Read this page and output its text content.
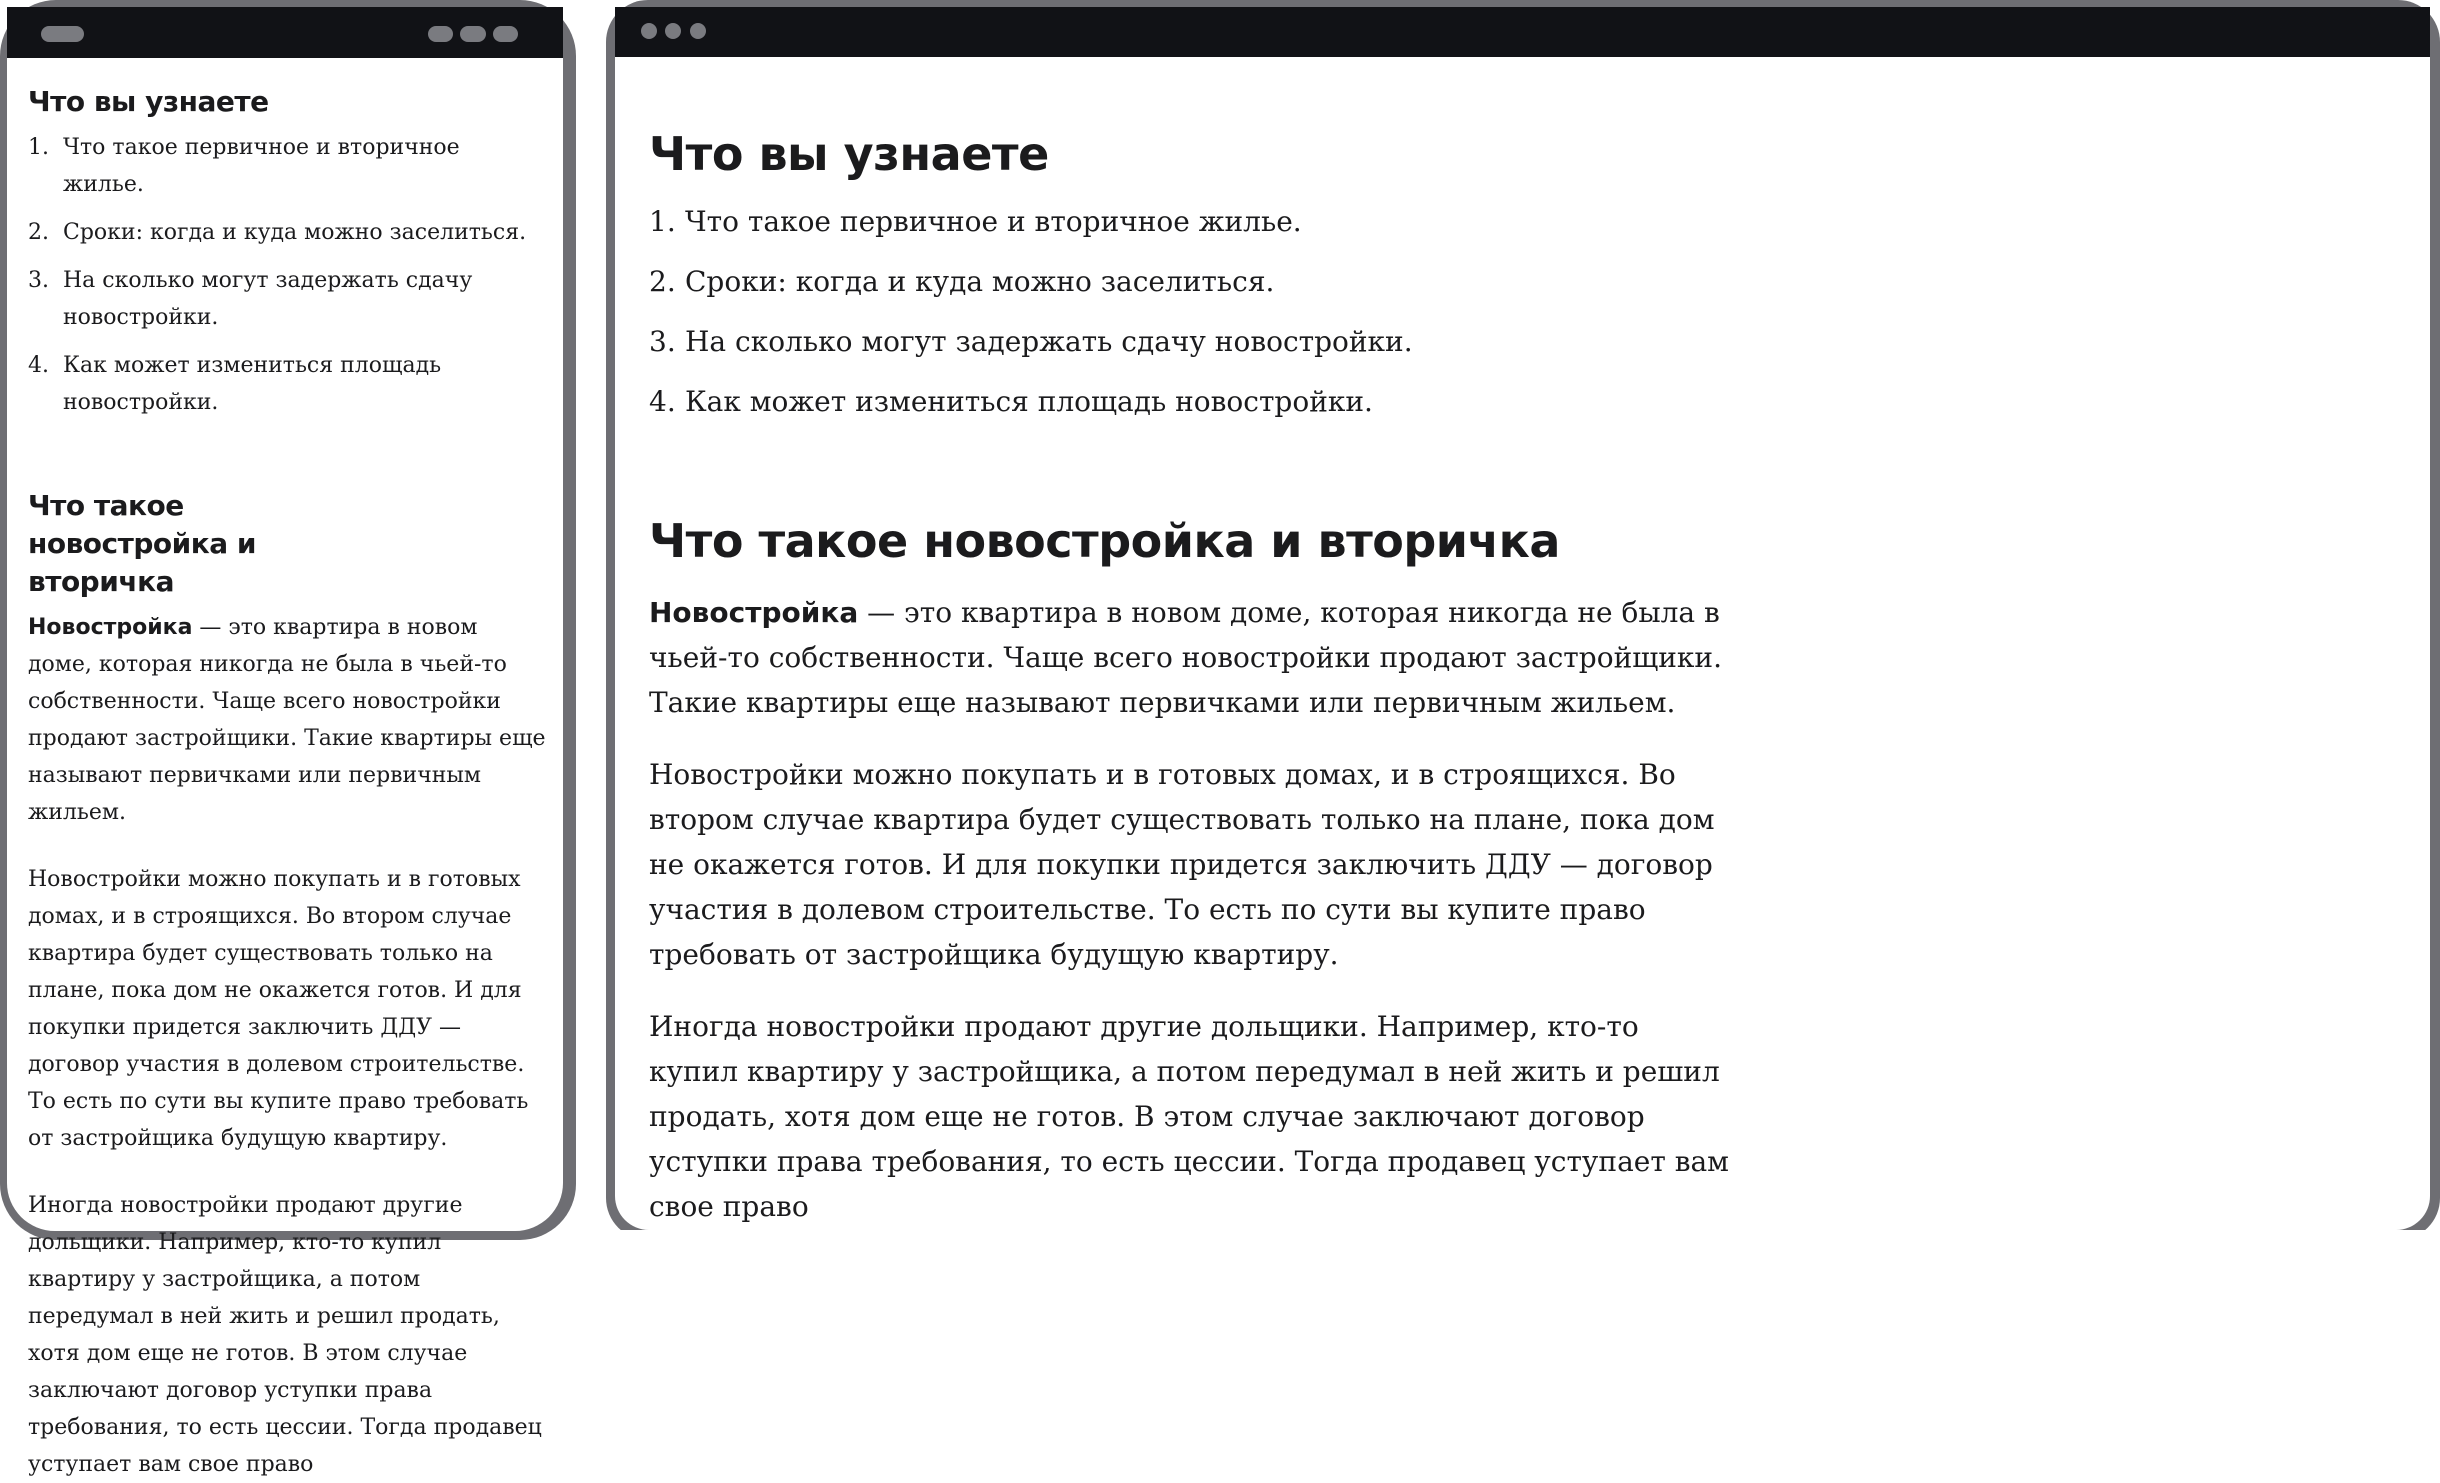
Что вы узнаете
1. Что такое первичное и вторичное жилье.
2. Сроки: когда и куда можно заселиться.
3. На сколько могут задержать сдачу новостройки.
4. Как может измениться площадь новостройки.
Что такое новостройка и вторичка

Новостройка — это квартира в новом доме, которая никогда не была в чьей-то собственности. Чаще всего новостройки продают застройщики. Такие квартиры еще называют первичками или первичным жильем.

Новостройки можно покупать и в готовых домах, и в строящихся. Во втором случае квартира будет существовать только на плане, пока дом не окажется готов. И для покупки придется заключить ДДУ — договор участия в долевом строительстве. То есть по сути вы купите право требовать от застройщика будущую квартиру.

Иногда новостройки продают другие дольщики. Например, кто-то купил квартиру у застройщика, а потом передумал в ней жить и решил продать, хотя дом еще не готов. В этом случае заключают договор уступки права требования, то есть цессии. Тогда продавец уступает вам свое право

Что вы узнаете
1. Что такое первичное и вторичное жилье.
2. Сроки: когда и куда можно заселиться.
3. На сколько могут задержать сдачу новостройки.
4. Как может измениться площадь новостройки.
Что такое новостройка и вторичка

Новостройка — это квартира в новом доме, которая никогда не была в чьей-то собственности. Чаще всего новостройки продают застройщики. Такие квартиры еще называют первичками или первичным жильем.

Новостройки можно покупать и в готовых домах, и в строящихся. Во втором случае квартира будет существовать только на плане, пока дом не окажется готов. И для покупки придется заключить ДДУ — договор участия в долевом строительстве. То есть по сути вы купите право требовать от застройщика будущую квартиру.

Иногда новостройки продают другие дольщики. Например, кто-то купил квартиру у застройщика, а потом передумал в ней жить и решил продать, хотя дом еще не готов. В этом случае заключают договор уступки права требования, то есть цессии. Тогда продавец уступает вам свое право
